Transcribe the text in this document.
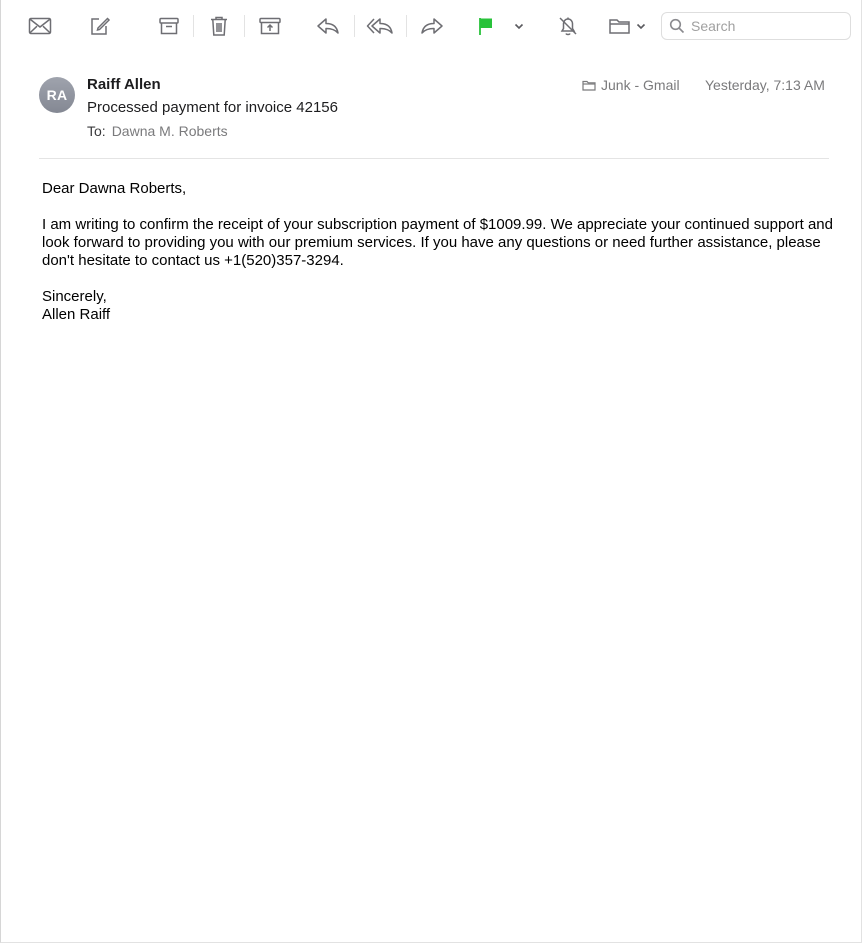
Search
RA
Raiff Allen
Processed payment for invoice 42156
To: Dawna M. Roberts
Junk - Gmail Yesterday, 7:13 AM

Dear Dawna Roberts,

I am writing to confirm the receipt of your subscription payment of $1009.99. We appreciate your continued support and look forward to providing you with our premium services. If you have any questions or need further assistance, please don't hesitate to contact us +1(520)357-3294.

Sincerely,

Allen Raiff
